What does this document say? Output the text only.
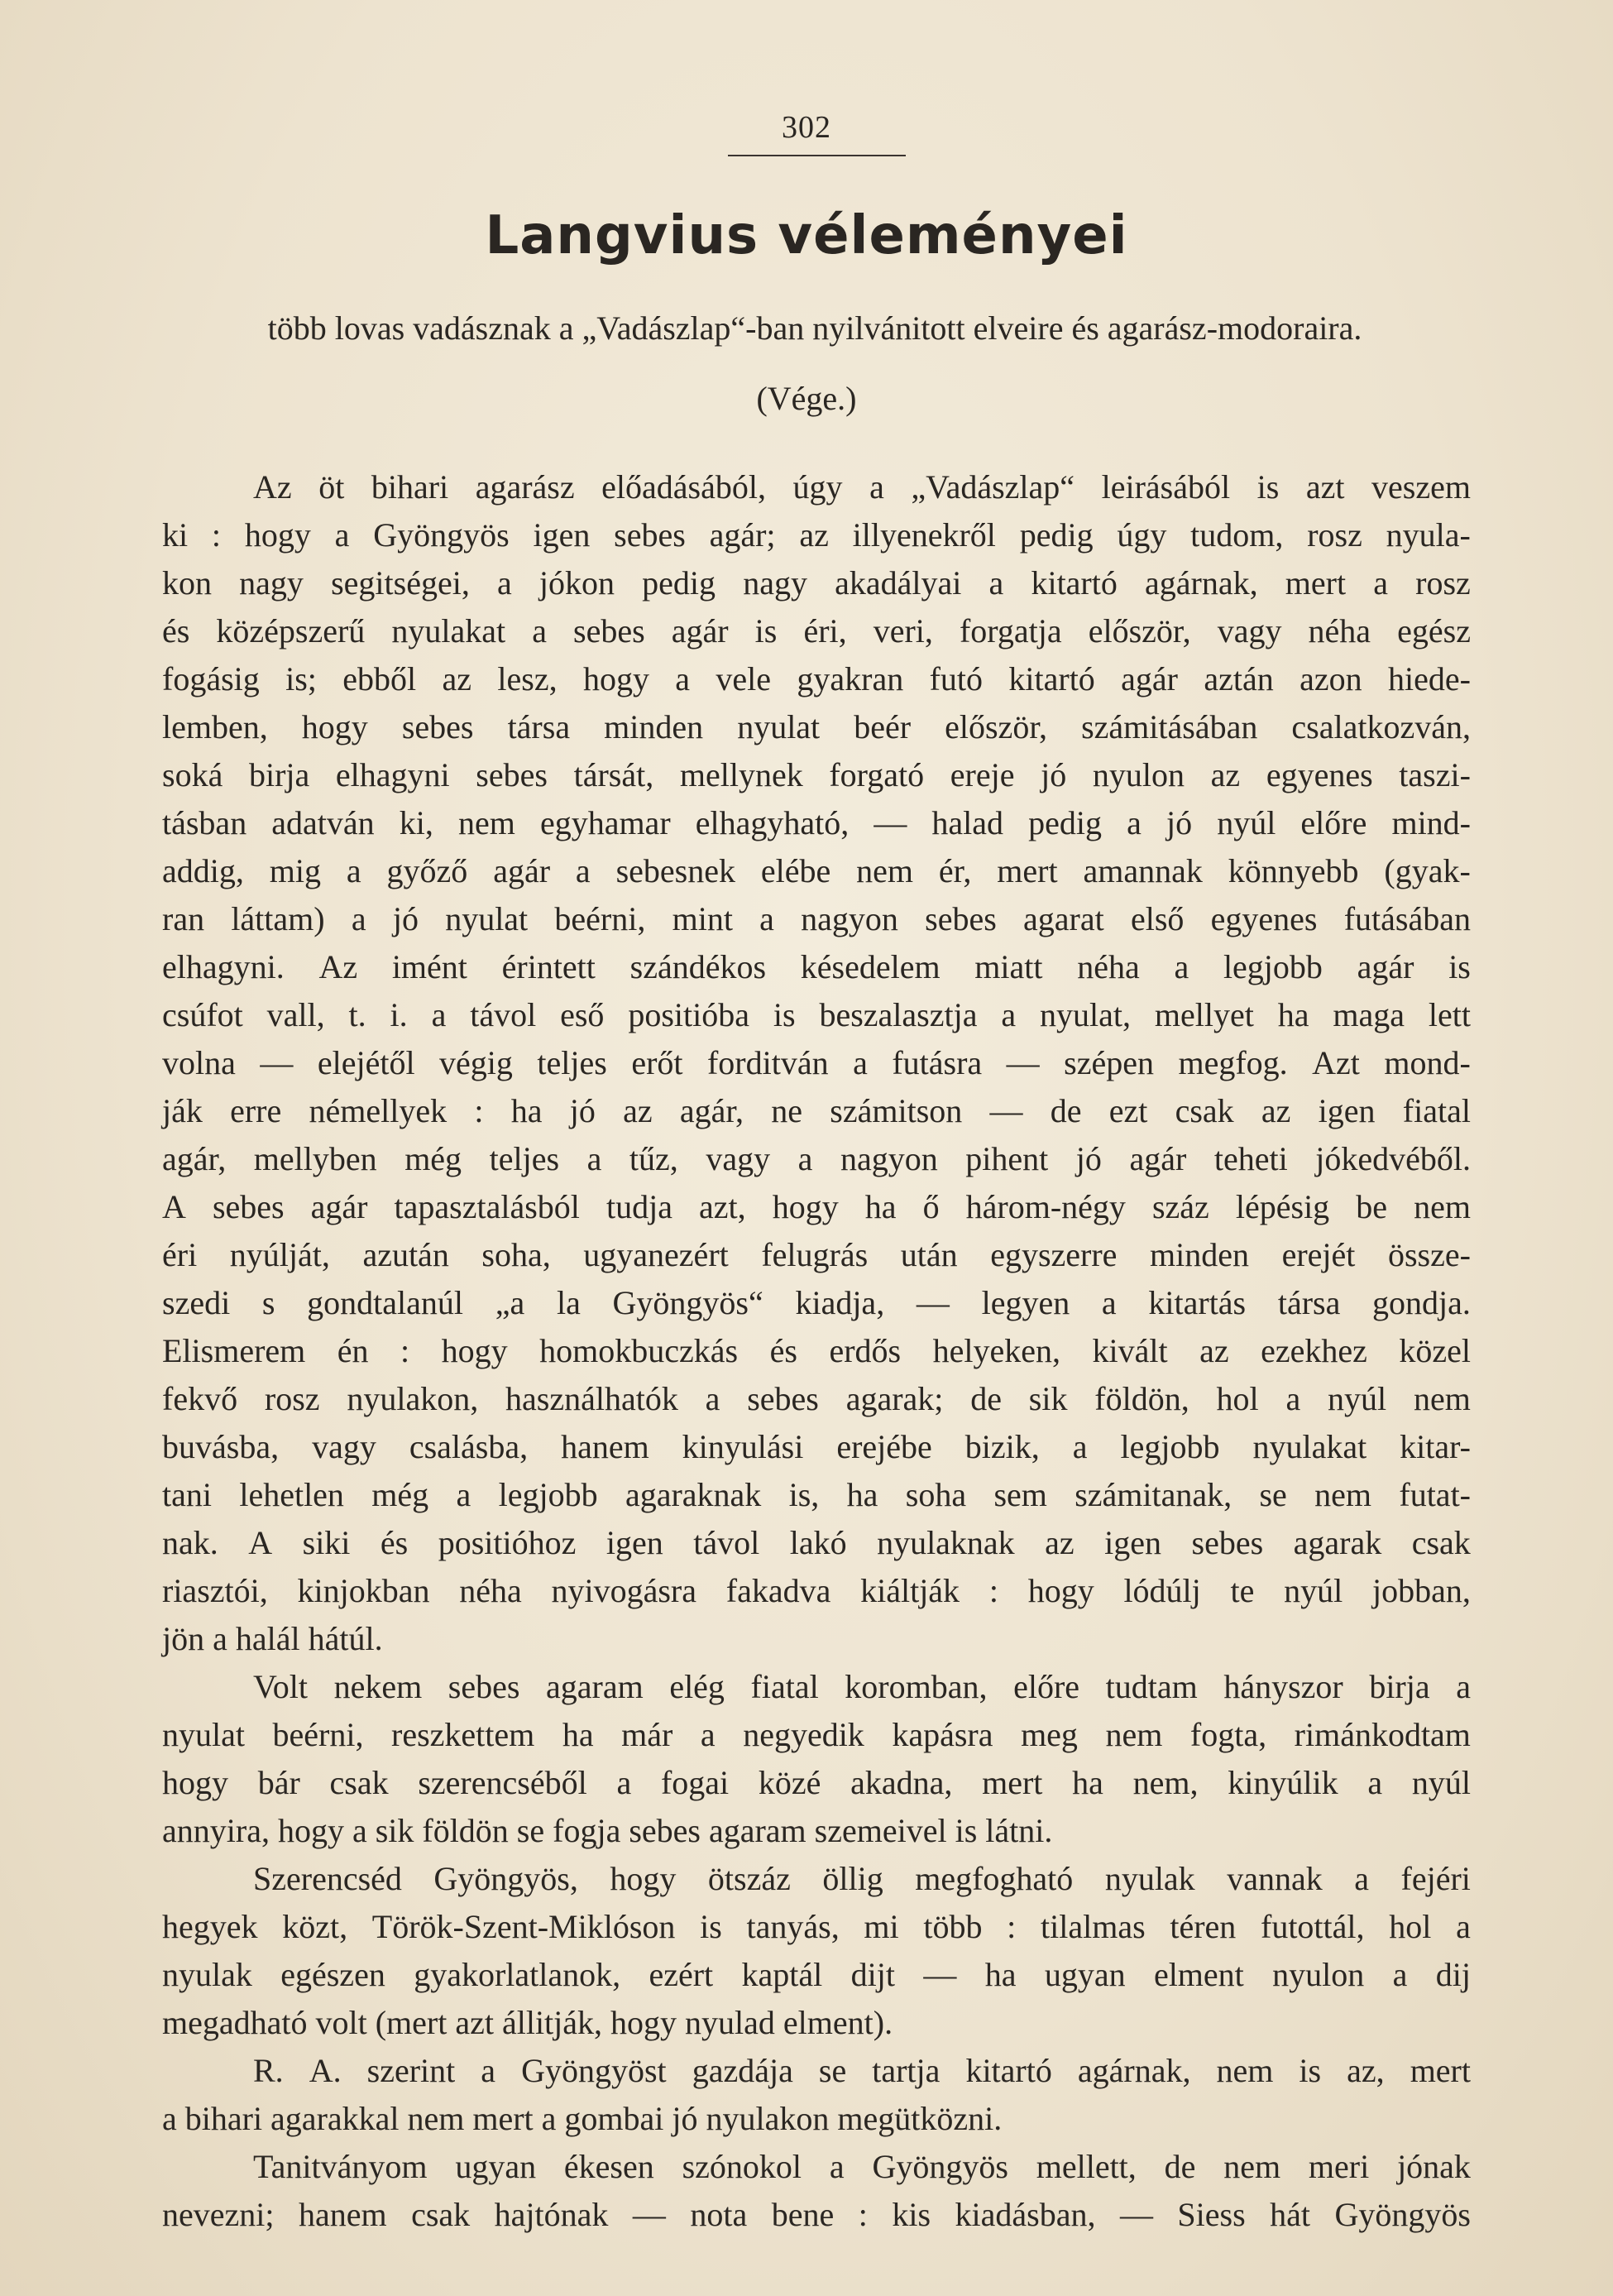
302
Langvius véleményei
több lovas vadásznak a „Vadászlap“-ban nyilvánitott elveire és agarász-modoraira.
(Vége.)
Az öt bihari agarász előadásából, úgy a „Vadászlap“ leirásából is azt veszem
ki : hogy a Gyöngyös igen sebes agár; az illyenekről pedig úgy tudom, rosz nyula-
kon nagy segitségei, a jókon pedig nagy akadályai a kitartó agárnak, mert a rosz
és középszerű nyulakat a sebes agár is éri, veri, forgatja először, vagy néha egész
fogásig is; ebből az lesz, hogy a vele gyakran futó kitartó agár aztán azon hiede-
lemben, hogy sebes társa minden nyulat beér először, számitásában csalatkozván,
soká birja elhagyni sebes társát, mellynek forgató ereje jó nyulon az egyenes taszi-
tásban adatván ki, nem egyhamar elhagyható, — halad pedig a jó nyúl előre mind-
addig, mig a győző agár a sebesnek elébe nem ér, mert amannak könnyebb (gyak-
ran láttam) a jó nyulat beérni, mint a nagyon sebes agarat első egyenes futásában
elhagyni. Az imént érintett szándékos késedelem miatt néha a legjobb agár is
csúfot vall, t. i. a távol eső positióba is beszalasztja a nyulat, mellyet ha maga lett
volna — elejétől végig teljes erőt forditván a futásra — szépen megfog. Azt mond-
ják erre némellyek : ha jó az agár, ne számitson — de ezt csak az igen fiatal
agár, mellyben még teljes a tűz, vagy a nagyon pihent jó agár teheti jókedvéből.
A sebes agár tapasztalásból tudja azt, hogy ha ő három-négy száz lépésig be nem
éri nyúlját, azután soha, ugyanezért felugrás után egyszerre minden erejét össze-
szedi s gondtalanúl „a la Gyöngyös“ kiadja, — legyen a kitartás társa gondja.
Elismerem én : hogy homokbuczkás és erdős helyeken, kivált az ezekhez közel
fekvő rosz nyulakon, használhatók a sebes agarak; de sik földön, hol a nyúl nem
buvásba, vagy csalásba, hanem kinyulási erejébe bizik, a legjobb nyulakat kitar-
tani lehetlen még a legjobb agaraknak is, ha soha sem számitanak, se nem futat-
nak. A siki és positióhoz igen távol lakó nyulaknak az igen sebes agarak csak
riasztói, kinjokban néha nyivogásra fakadva kiáltják : hogy lódúlj te nyúl jobban,
jön a halál hátúl.
Volt nekem sebes agaram elég fiatal koromban, előre tudtam hányszor birja a
nyulat beérni, reszkettem ha már a negyedik kapásra meg nem fogta, rimánkodtam
hogy bár csak szerencséből a fogai közé akadna, mert ha nem, kinyúlik a nyúl
annyira, hogy a sik földön se fogja sebes agaram szemeivel is látni.
Szerencséd Gyöngyös, hogy ötszáz öllig megfogható nyulak vannak a fejéri
hegyek közt, Török-Szent-Miklóson is tanyás, mi több : tilalmas téren futottál, hol a
nyulak egészen gyakorlatlanok, ezért kaptál dijt — ha ugyan elment nyulon a dij
megadható volt (mert azt állitják, hogy nyulad elment).
R. A. szerint a Gyöngyöst gazdája se tartja kitartó agárnak, nem is az, mert
a bihari agarakkal nem mert a gombai jó nyulakon megütközni.
Tanitványom ugyan ékesen szónokol a Gyöngyös mellett, de nem meri jónak
nevezni; hanem csak hajtónak — nota bene : kis kiadásban, — Siess hát Gyöngyös
